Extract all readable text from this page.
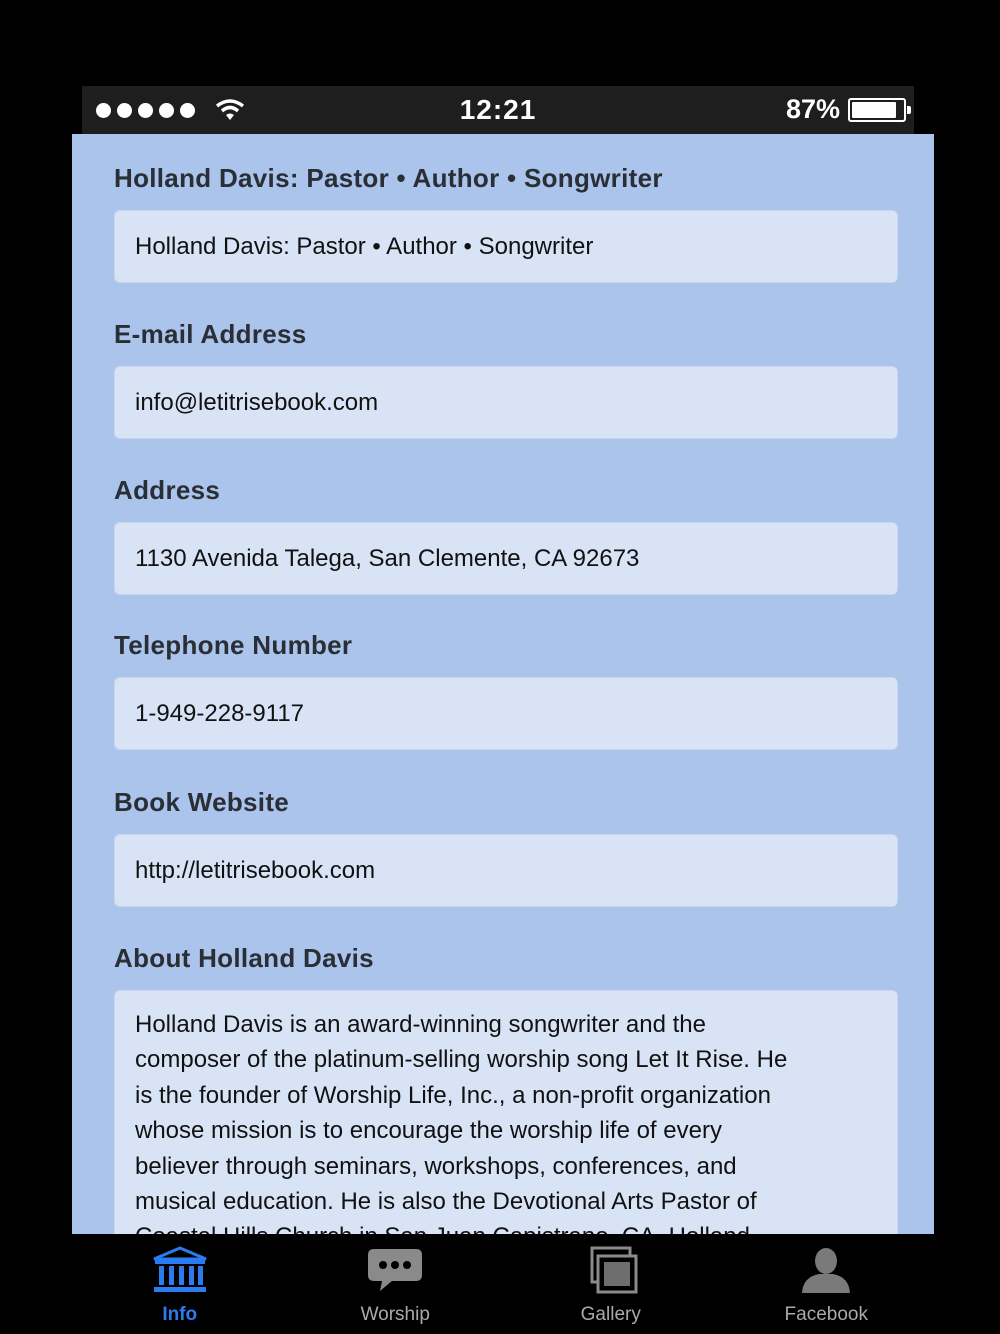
12:21	87%
Holland Davis: Pastor • Author • Songwriter
Holland Davis: Pastor • Author • Songwriter
E-mail Address
info@letitrisebook.com
Address
1130 Avenida Talega, San Clemente, CA 92673
Telephone Number
1-949-228-9117
Book Website
http://letitrisebook.com
About Holland Davis
Holland Davis is an award-winning songwriter and the
composer of the platinum-selling worship song Let It Rise. He
is the founder of Worship Life, Inc., a non-profit organization
whose mission is to encourage the worship life of every
believer through seminars, workshops, conferences, and
musical education. He is also the Devotional Arts Pastor of
Info	Worship	Gallery	Facebook
